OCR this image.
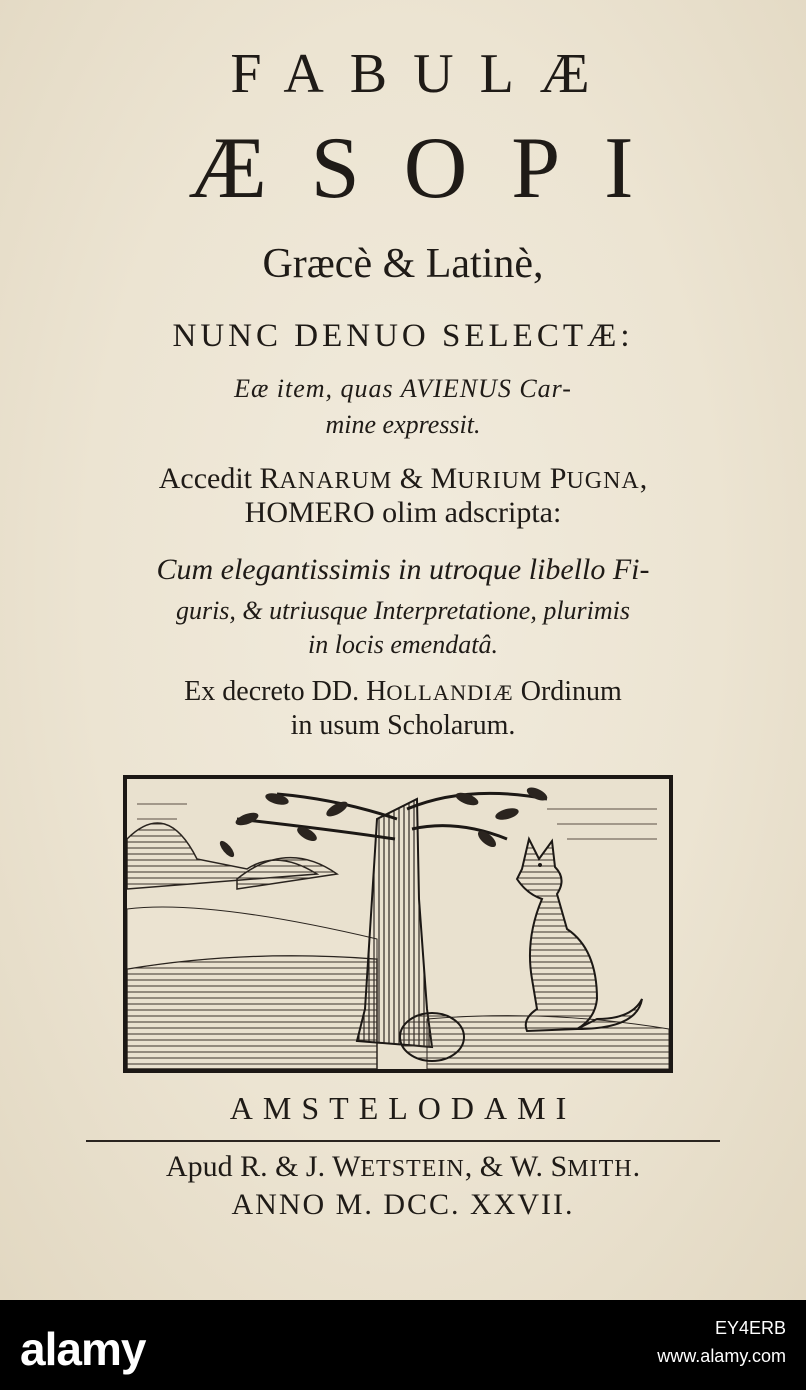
FABULÆ
ÆSOPI
Græcè & Latinè,
NUNC DENUO SELECTÆ:
Eæ item, quas AVIENUS Car-
mine expressit.
Accedit RANARUM & MURIUM PUGNA,
HOMERO olim adscripta:
Cum elegantissimis in utroque libello Fi-
guris, & utriusque Interpretatione, plurimis
in locis emendatâ.
Ex decreto DD. HOLLANDIÆ Ordinum
in usum Scholarum.
AMSTELODAMI
Apud R. & J. WETSTEIN, & W. SMITH.
ANNO M. DCC. XXVII.
alamy	EY4ERB
www.alamy.com
